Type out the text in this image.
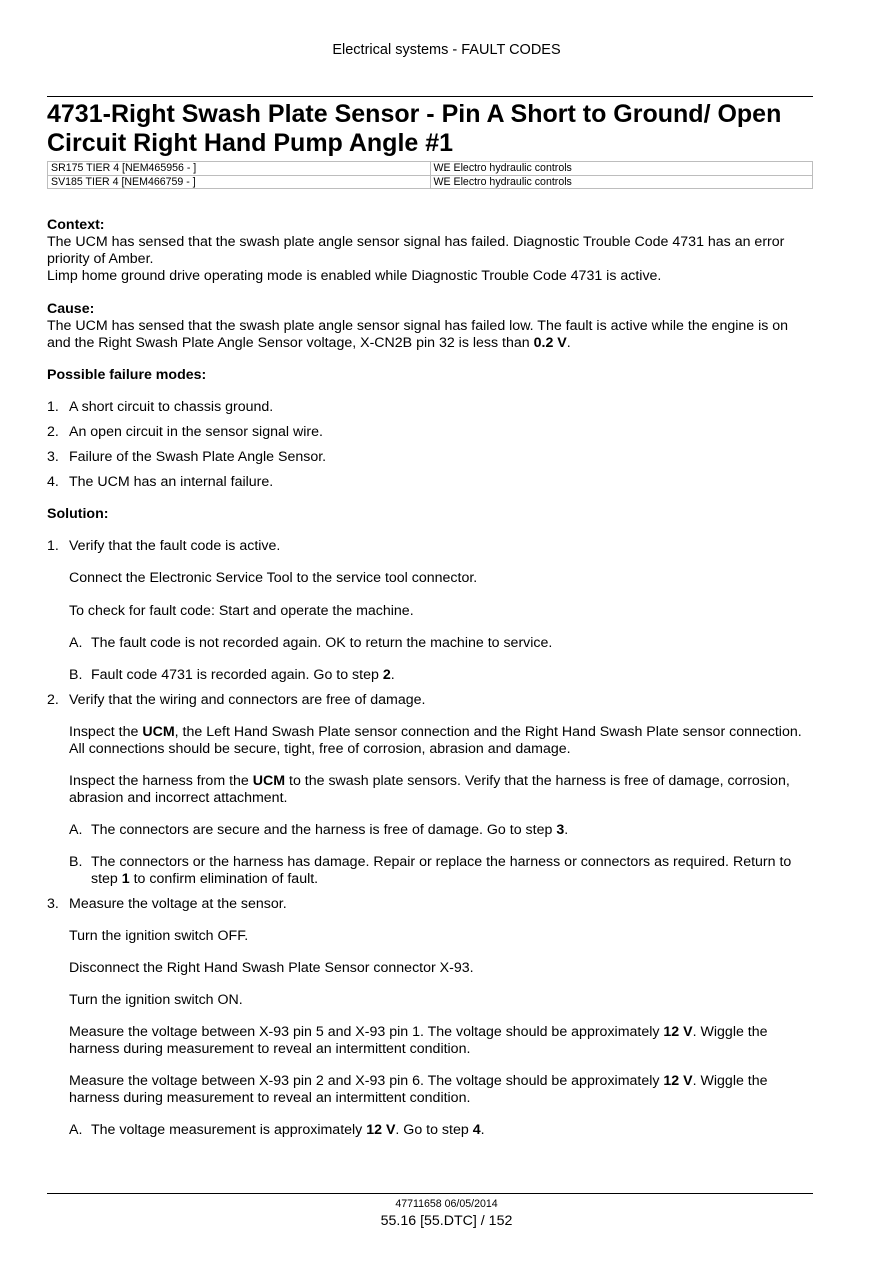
Electrical systems - FAULT CODES
4731-Right Swash Plate Sensor - Pin A Short to Ground/ Open Circuit Right Hand Pump Angle #1
SR175 TIER 4 [NEM465956 - ]	WE Electro hydraulic controls
SV185 TIER 4 [NEM466759 - ]	WE Electro hydraulic controls

Context:

The UCM has sensed that the swash plate angle sensor signal has failed. Diagnostic Trouble Code 4731 has an error priority of Amber.

Limp home ground drive operating mode is enabled while Diagnostic Trouble Code 4731 is active.

Cause:

The UCM has sensed that the swash plate angle sensor signal has failed low. The fault is active while the engine is on and the Right Swash Plate Angle Sensor voltage, X-CN2B pin 32 is less than 0.2 V.

Possible failure modes:

1. A short circuit to chassis ground.
2. An open circuit in the sensor signal wire.
3. Failure of the Swash Plate Angle Sensor.
4. The UCM has an internal failure.

Solution:

1. Verify that the fault code is active.

Connect the Electronic Service Tool to the service tool connector.

To check for fault code: Start and operate the machine.

A. The fault code is not recorded again. OK to return the machine to service.

B. Fault code 4731 is recorded again. Go to step 2.

2. Verify that the wiring and connectors are free of damage.

Inspect the UCM, the Left Hand Swash Plate sensor connection and the Right Hand Swash Plate sensor connection. All connections should be secure, tight, free of corrosion, abrasion and damage.

Inspect the harness from the UCM to the swash plate sensors. Verify that the harness is free of damage, corrosion, abrasion and incorrect attachment.

A. The connectors are secure and the harness is free of damage. Go to step 3.

B. The connectors or the harness has damage. Repair or replace the harness or connectors as required. Return to step 1 to confirm elimination of fault.

3. Measure the voltage at the sensor.

Turn the ignition switch OFF.

Disconnect the Right Hand Swash Plate Sensor connector X-93.

Turn the ignition switch ON.

Measure the voltage between X-93 pin 5 and X-93 pin 1. The voltage should be approximately 12 V. Wiggle the harness during measurement to reveal an intermittent condition.

Measure the voltage between X-93 pin 2 and X-93 pin 6. The voltage should be approximately 12 V. Wiggle the harness during measurement to reveal an intermittent condition.

A. The voltage measurement is approximately 12 V. Go to step 4.

47711658 06/05/2014
55.16 [55.DTC] / 152
